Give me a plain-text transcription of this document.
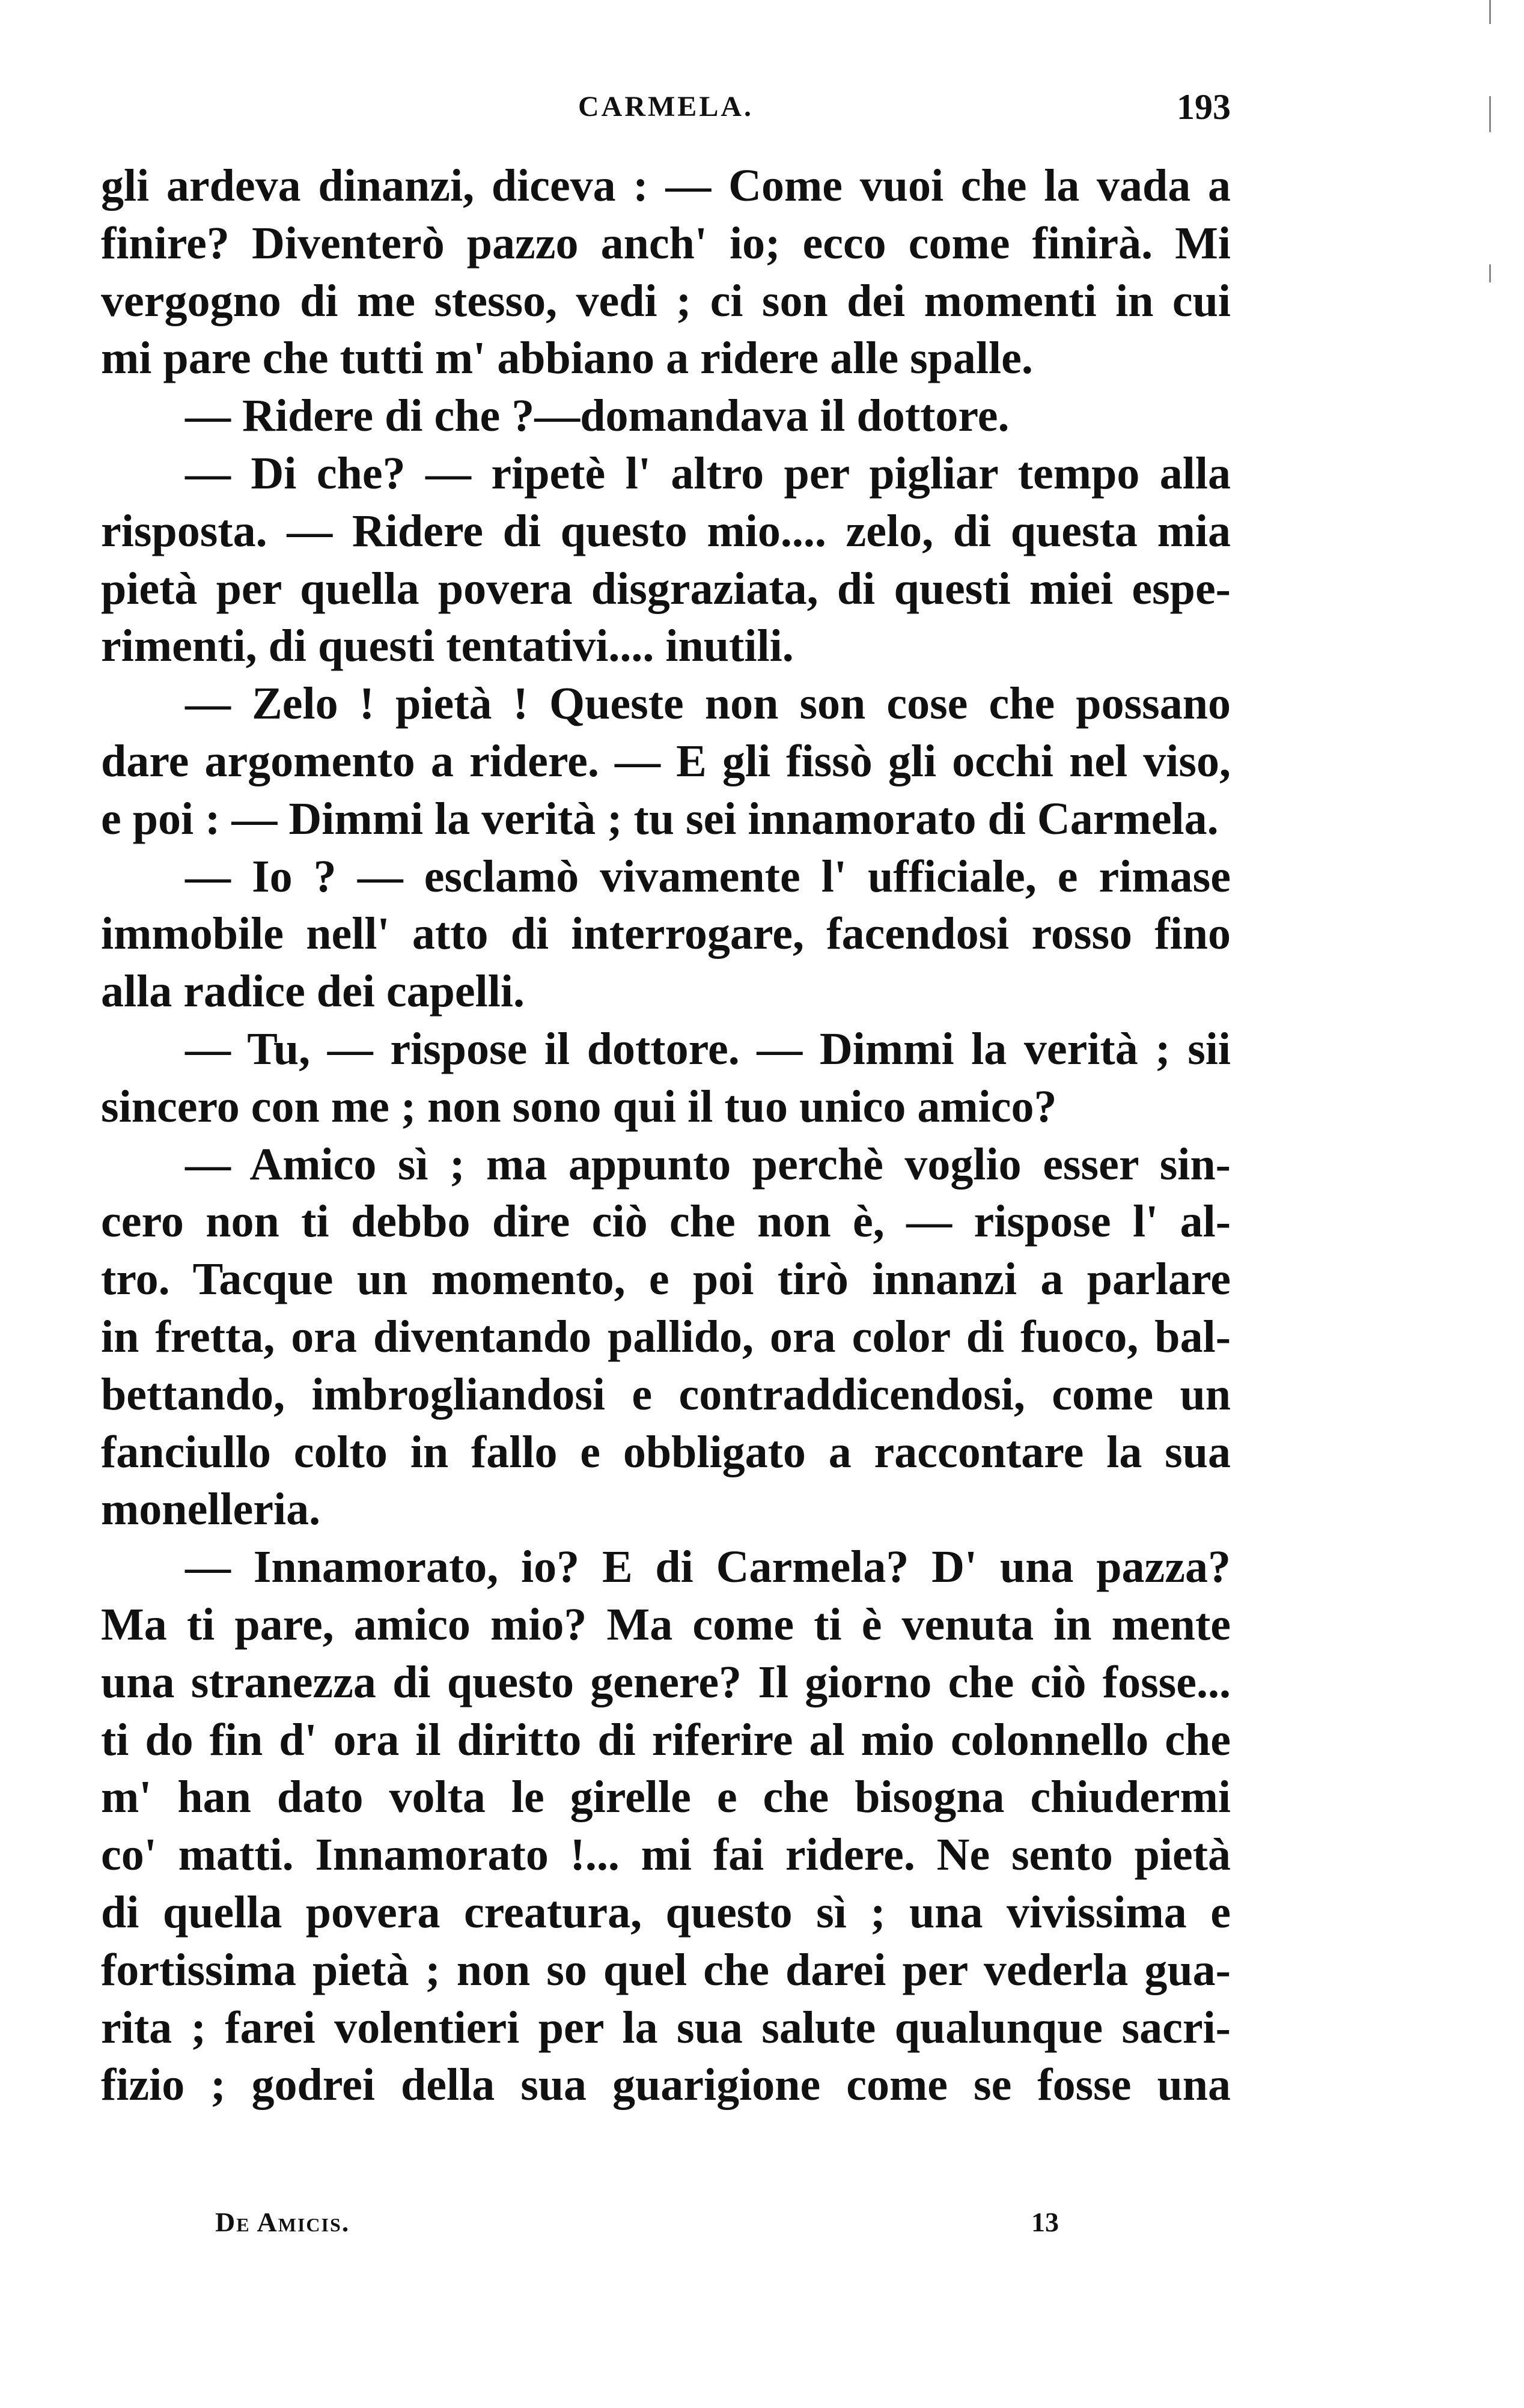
CARMELA.	193
gli ardeva dinanzi, diceva : — Come vuoi che la vada a
finire? Diventerò pazzo anch' io; ecco come finirà. Mi
vergogno di me stesso, vedi ; ci son dei momenti in cui
mi pare che tutti m' abbiano a ridere alle spalle.
— Ridere di che ?—domandava il dottore.
— Di che? — ripetè l' altro per pigliar tempo alla
risposta. — Ridere di questo mio.... zelo, di questa mia
pietà per quella povera disgraziata, di questi miei espe-
rimenti, di questi tentativi.... inutili.
— Zelo ! pietà ! Queste non son cose che possano
dare argomento a ridere. — E gli fissò gli occhi nel viso,
e poi : — Dimmi la verità ; tu sei innamorato di Carmela.
— Io ? — esclamò vivamente l' ufficiale, e rimase
immobile nell' atto di interrogare, facendosi rosso fino
alla radice dei capelli.
— Tu, — rispose il dottore. — Dimmi la verità ; sii
sincero con me ; non sono qui il tuo unico amico?
— Amico sì ; ma appunto perchè voglio esser sin-
cero non ti debbo dire ciò che non è, — rispose l' al-
tro. Tacque un momento, e poi tirò innanzi a parlare
in fretta, ora diventando pallido, ora color di fuoco, bal-
bettando, imbrogliandosi e contraddicendosi, come un
fanciullo colto in fallo e obbligato a raccontare la sua
monelleria.
— Innamorato, io? E di Carmela? D' una pazza?
Ma ti pare, amico mio? Ma come ti è venuta in mente
una stranezza di questo genere? Il giorno che ciò fosse...
ti do fin d' ora il diritto di riferire al mio colonnello che
m' han dato volta le girelle e che bisogna chiudermi
co' matti. Innamorato !... mi fai ridere. Ne sento pietà
di quella povera creatura, questo sì ; una vivissima e
fortissima pietà ; non so quel che darei per vederla gua-
rita ; farei volentieri per la sua salute qualunque sacri-
fizio ; godrei della sua guarigione come se fosse una
De Amicis.	13
